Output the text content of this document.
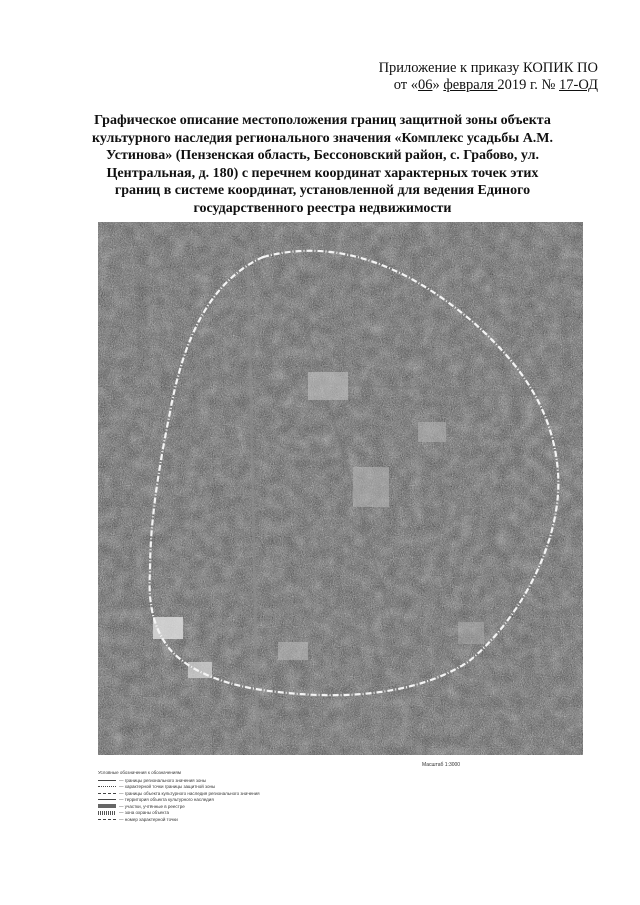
Приложение к приказу КОПИК ПО
от «06» февраля 2019 г. № 17-ОД
Графическое описание местоположения границ защитной зоны объекта культурного наследия регионального значения «Комплекс усадьбы А.М. Устинова» (Пензенская область, Бессоновский район, с. Грабово, ул. Центральная, д. 180) с перечнем координат характерных точек этих границ в системе координат, установленной для ведения Единого государственного реестра недвижимости
Масштаб 1:3000
Условные обозначения к обозначениям
— границы регионального значения зоны
— характерной точки границы защитной зоны
— границы объекта культурного наследия регионального значения
— территория объекта культурного наследия
— участки, учтённые в реестре
— зона охраны объекта
— номер характерной точки
